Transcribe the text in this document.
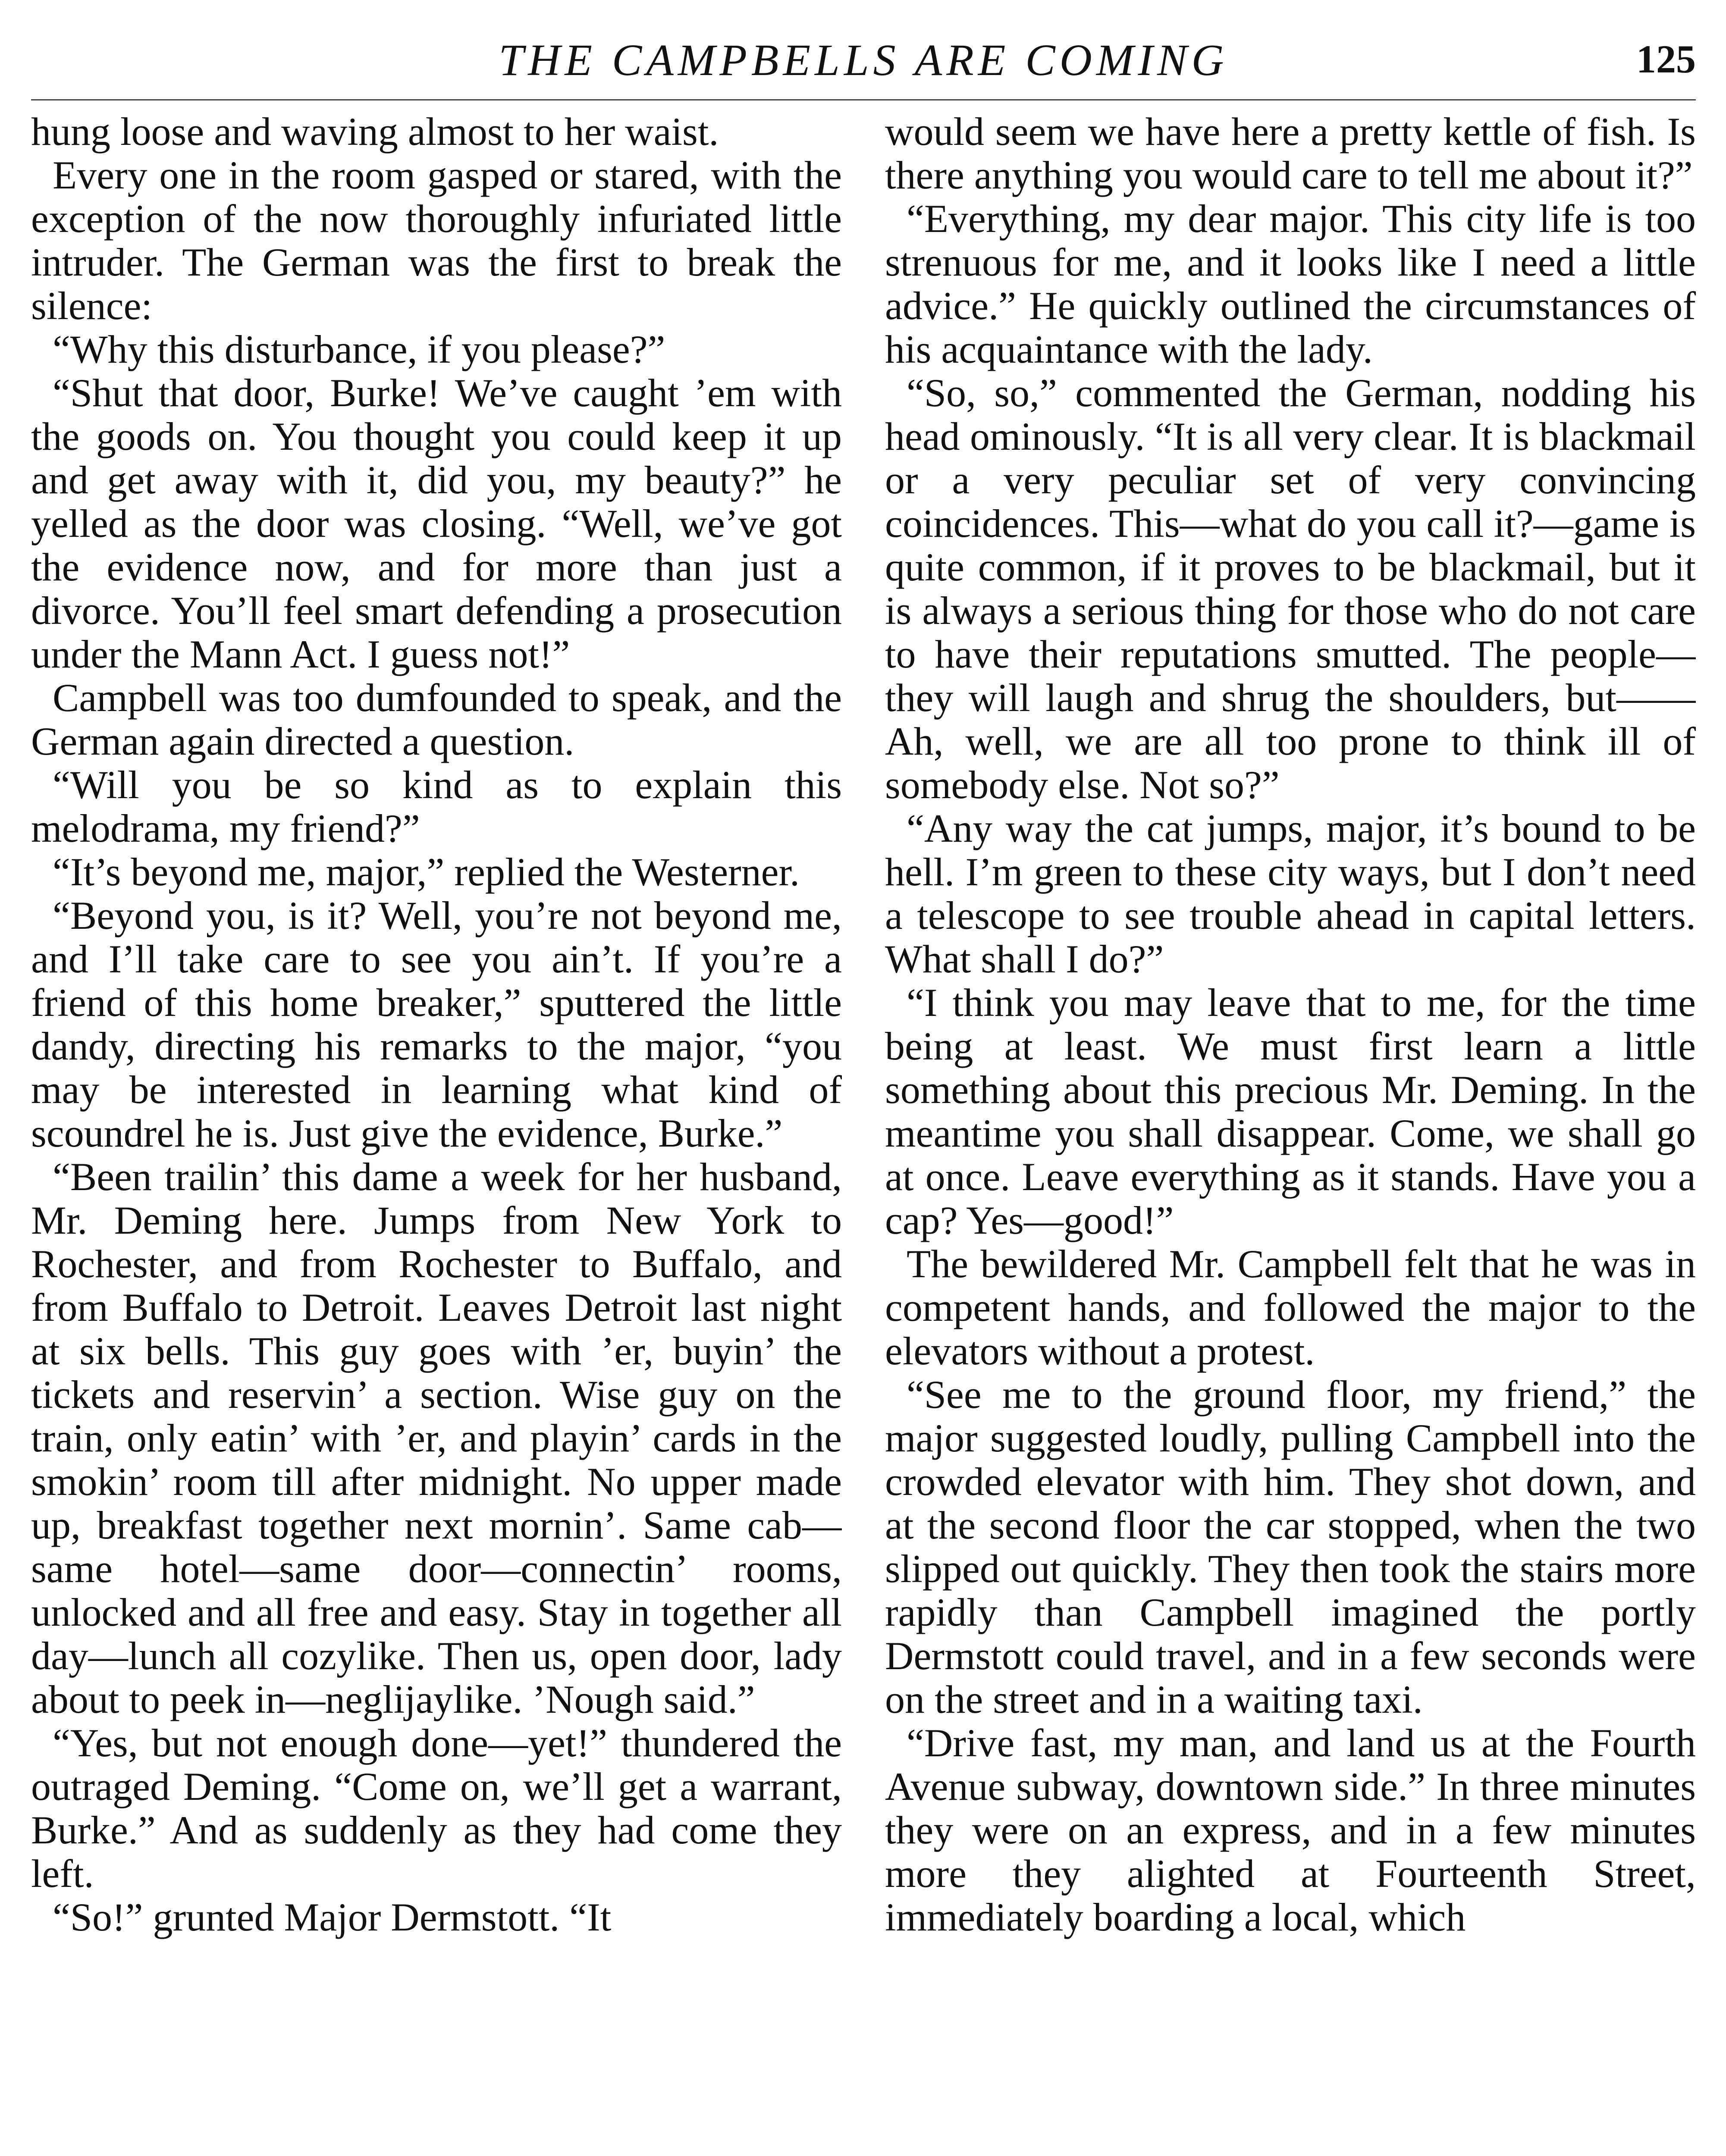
THE CAMPBELLS ARE COMING	125

hung loose and waving almost to her waist.

Every one in the room gasped or stared, with the exception of the now thoroughly infuriated little intruder. The German was the first to break the silence:

“Why this disturbance, if you please?”

“Shut that door, Burke! We’ve caught ’em with the goods on. You thought you could keep it up and get away with it, did you, my beauty?” he yelled as the door was closing. “Well, we’ve got the evidence now, and for more than just a divorce. You’ll feel smart defending a prosecution under the Mann Act. I guess not!”

Campbell was too dumfounded to speak, and the German again directed a question.

“Will you be so kind as to explain this melodrama, my friend?”

“It’s beyond me, major,” replied the Westerner.

“Beyond you, is it? Well, you’re not beyond me, and I’ll take care to see you ain’t. If you’re a friend of this home breaker,” sputtered the little dandy, directing his remarks to the major, “you may be interested in learning what kind of scoundrel he is. Just give the evidence, Burke.”

“Been trailin’ this dame a week for her husband, Mr. Deming here. Jumps from New York to Rochester, and from Rochester to Buffalo, and from Buffalo to Detroit. Leaves Detroit last night at six bells. This guy goes with ’er, buyin’ the tickets and reservin’ a section. Wise guy on the train, only eatin’ with ’er, and playin’ cards in the smokin’ room till after midnight. No upper made up, breakfast together next mornin’. Same cab—same hotel—same door—connectin’ rooms, unlocked and all free and easy. Stay in together all day—lunch all cozylike. Then us, open door, lady about to peek in—neglijaylike. ’Nough said.”

“Yes, but not enough done—yet!” thundered the outraged Deming. “Come on, we’ll get a warrant, Burke.” And as suddenly as they had come they left.

“So!” grunted Major Dermstott. “It

would seem we have here a pretty kettle of fish. Is there anything you would care to tell me about it?”

“Everything, my dear major. This city life is too strenuous for me, and it looks like I need a little advice.” He quickly outlined the circumstances of his acquaintance with the lady.

“So, so,” commented the German, nodding his head ominously. “It is all very clear. It is blackmail or a very peculiar set of very convincing coincidences. This—what do you call it?—game is quite common, if it proves to be blackmail, but it is always a serious thing for those who do not care to have their reputations smutted. The people—they will laugh and shrug the shoulders, but—— Ah, well, we are all too prone to think ill of somebody else. Not so?”

“Any way the cat jumps, major, it’s bound to be hell. I’m green to these city ways, but I don’t need a telescope to see trouble ahead in capital letters. What shall I do?”

“I think you may leave that to me, for the time being at least. We must first learn a little something about this precious Mr. Deming. In the meantime you shall disappear. Come, we shall go at once. Leave everything as it stands. Have you a cap? Yes—good!”

The bewildered Mr. Campbell felt that he was in competent hands, and followed the major to the elevators without a protest.

“See me to the ground floor, my friend,” the major suggested loudly, pulling Campbell into the crowded elevator with him. They shot down, and at the second floor the car stopped, when the two slipped out quickly. They then took the stairs more rapidly than Campbell imagined the portly Dermstott could travel, and in a few seconds were on the street and in a waiting taxi.

“Drive fast, my man, and land us at the Fourth Avenue subway, downtown side.” In three minutes they were on an express, and in a few minutes more they alighted at Fourteenth Street, immediately boarding a local, which
